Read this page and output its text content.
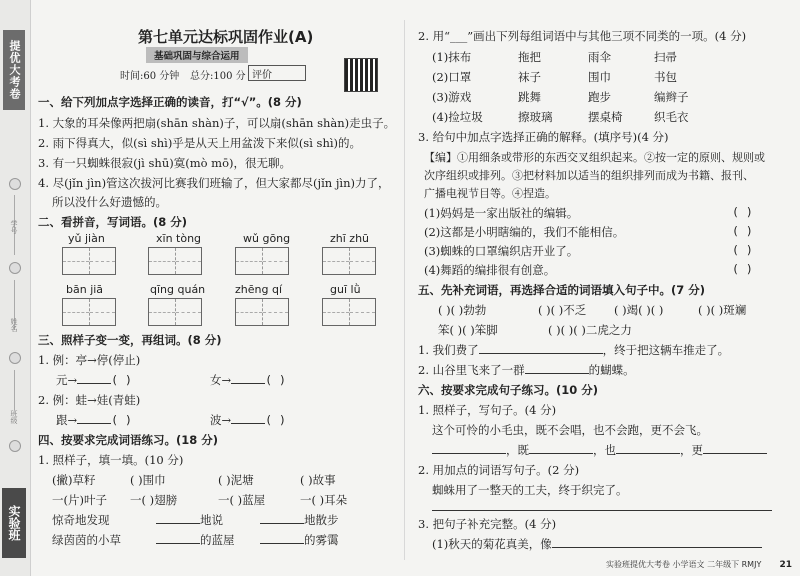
提优大考卷
学号
姓名
班级
实验班
第七单元达标巩固作业(A)
基础巩固与综合运用
时间:60 分钟 总分:100 分 评价
一、给下列加点字选择正确的读音，打“√”。(8 分)
1. 大象的耳朵像两把扇(shān shàn)子，可以扇(shān shàn)走虫子。
2. 雨下得真大，似(sì shì)乎是从天上用盆泼下来似(sì shì)的。
3. 有一只蜘蛛很寂(jì shū)寞(mò mō)，很无聊。
4. 尽(jǐn jìn)管这次拔河比赛我们班输了，但大家都尽(jǐn jìn)力了，
所以没什么好遗憾的。
二、看拼音，写词语。(8 分)
yǔ jiàn	xīn tòng	wǔ gōng	zhī zhū
bān jiā	qīng quán	zhēng qí	guī lǜ
三、照样子变一变，再组词。(8 分)
1. 例：亭→停(停止)
元→	( )	女→	( )
2. 例：蛙→娃(青蛙)
跟→	( )	波→	( )
四、按要求完成词语练习。(18 分)
1. 照样子，填一填。(10 分)
(撇)草籽	( )围巾	( )泥塘	( )故事
一(片)叶子 一( )翅膀	一( )蓝屋	一( )耳朵
惊奇地发现	地说	地散步
绿茵茵的小草	的蓝屋	的雾霭
2. 用“___”画出下列每组词语中与其他三项不同类的一项。(4 分)
(1)抹布	拖把	雨伞	扫帚
(2)口罩	袜子	围巾	书包
(3)游戏	跳舞	跑步	编辫子
(4)捡垃圾	擦玻璃	摆桌椅	织毛衣
3. 给句中加点字选择正确的解释。(填序号)(4 分)
【编】①用细条或带形的东西交叉组织起来。②按一定的原则、规则或
次序组织或排列。③把材料加以适当的组织排列而成为书籍、报刊、
广播电视节目等。④捏造。
(1)妈妈是一家出版社的编辑。	( )
(2)这都是小明瞎编的，我们不能相信。	( )
(3)蜘蛛的口罩编织店开业了。	( )
(4)舞蹈的编排很有创意。	( )
五、先补充词语，再选择合适的词语填入句子中。(7 分)
( )( )勃勃	( )( )不乏 ( )竭( )( )	( )( )斑斓
笨( )( )笨脚	( )( )( )二虎之力
1. 我们费了	，终于把这辆车推走了。
2. 山谷里飞来了一群	的蝴蝶。
六、按要求完成句子练习。(10 分)
1. 照样子，写句子。(4 分)
这个可怜的小毛虫，既不会唱，也不会跑，更不会飞。
，既	，也	，更
2. 用加点的词语写句子。(2 分)
蜘蛛用了一整天的工夫，终于织完了。
3. 把句子补充完整。(4 分)
(1)秋天的菊花真美，像
实验班提优大考卷 小学语文 二年级下 RMJY 21
